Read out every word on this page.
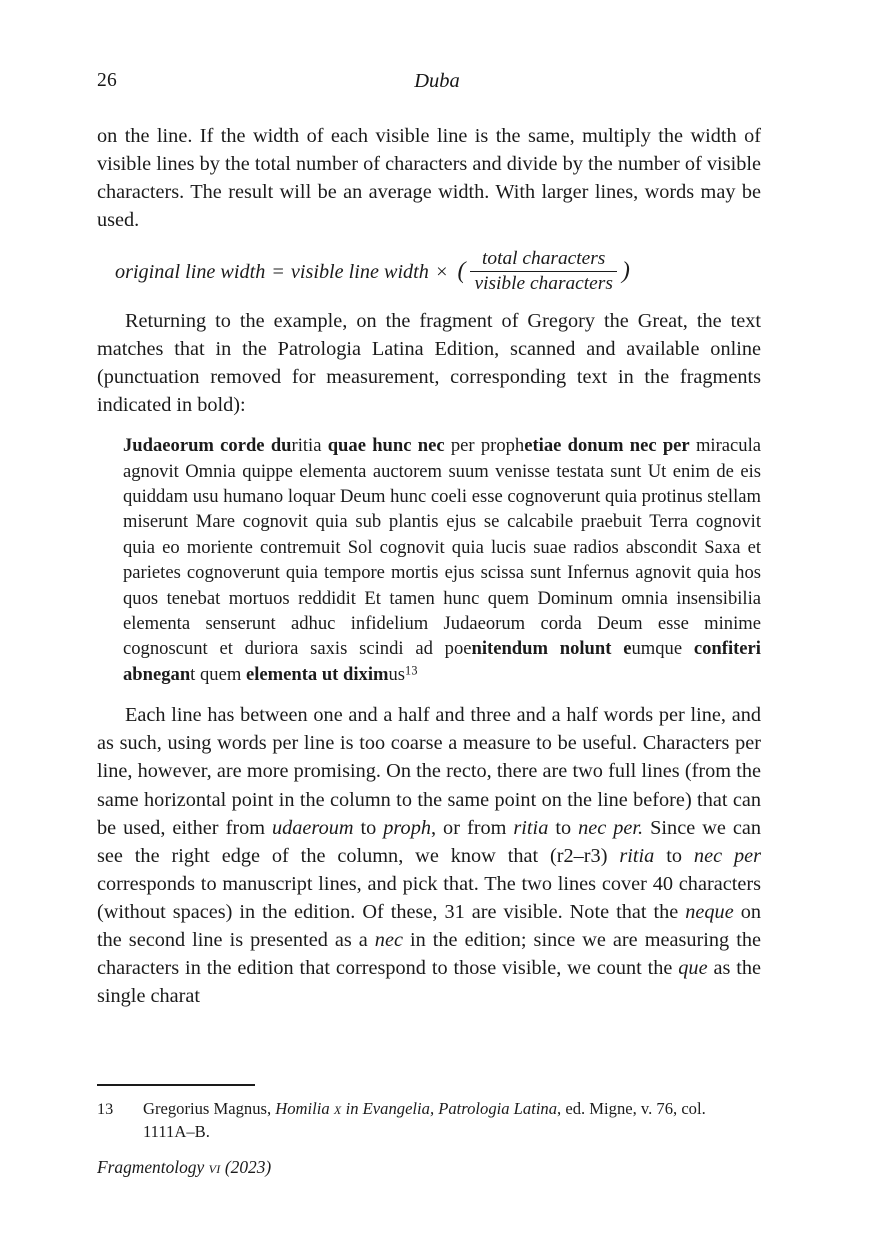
26	Duba

on the line. If the width of each visible line is the same, multiply the width of visible lines by the total number of characters and divide by the number of visible characters. The result will be an average width. With larger lines, words may be used.

original line width = visible line width × ( $\frac{\text{total characters}}{\text{visible characters}}$ )

Returning to the example, on the fragment of Gregory the Great, the text matches that in the Patrologia Latina Edition, scanned and available online (punctuation removed for measurement, corresponding text in the fragments indicated in bold):

Judaeorum corde duritia quae hunc nec per prophetiae donum nec per miracula agnovit Omnia quippe elementa auctorem suum venisse testata sunt Ut enim de eis quiddam usu humano loquar Deum hunc coeli esse cognoverunt quia protinus stellam miserunt Mare cognovit quia sub plantis ejus se calcabile praebuit Terra cognovit quia eo moriente contremuit Sol cognovit quia lucis suae radios abscondit Saxa et parietes cognoverunt quia tempore mortis ejus scissa sunt Infernus agnovit quia hos quos tenebat mortuos reddidit Et tamen hunc quem Dominum omnia insensibilia elementa senserunt adhuc infidelium Judaeorum corda Deum esse minime cognoscunt et duriora saxis scindi ad poenitendum nolunt eumque confiteri abnegant quem elementa ut diximus$^{13}$

Each line has between one and a half and three and a half words per line, and as such, using words per line is too coarse a measure to be useful. Characters per line, however, are more promising. On the recto, there are two full lines (from the same horizontal point in the column to the same point on the line before) that can be used, either from udaeroum to proph, or from ritia to nec per. Since we can see the right edge of the column, we know that (r2–r3) ritia to nec per corresponds to manuscript lines, and pick that. The two lines cover 40 characters (without spaces) in the edition. Of these, 31 are visible. Note that the neque on the second line is presented as a nec in the edition; since we are measuring the characters in the edition that correspond to those visible, we count the que as the single charat

13	Gregorius Magnus, Homilia x in Evangelia, Patrologia Latina, ed. Migne, v. 76, col. 1111A–B.
Fragmentology vi (2023)
